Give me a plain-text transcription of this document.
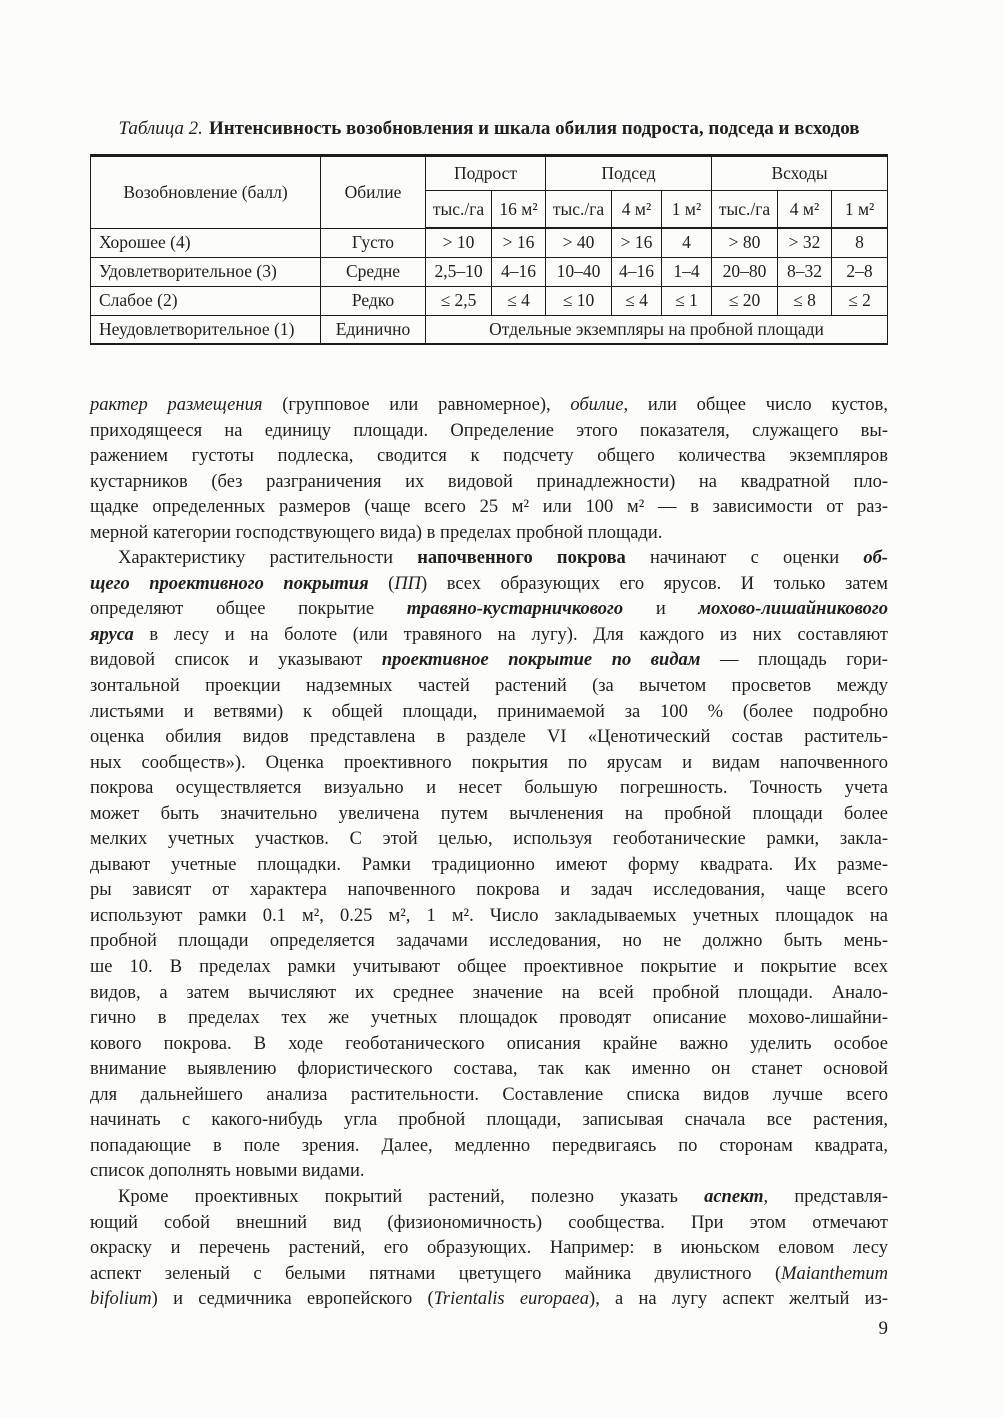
Таблица 2. Интенсивность возобновления и шкала обилия подроста, подседа и всходов
Возобновление (балл)	Обилие	Подрост		Подсед			Всходы		
		тыс./га	16 м²	тыс./га	4 м²	1 м²	тыс./га	4 м²	1 м²
Хорошее (4)	Густо	> 10	> 16	> 40	> 16	4	> 80	> 32	8
Удовлетворительное (3)	Средне	2,5–10	4–16	10–40	4–16	1–4	20–80	8–32	2–8
Слабое (2)	Редко	≤ 2,5	≤ 4	≤ 10	≤ 4	≤ 1	≤ 20	≤ 8	≤ 2
Неудовлетворительное (1)	Единично	Отдельные экземпляры на пробной площади							
рактер размещения (групповое или равномерное), обилие, или общее число кустов,
приходящееся на единицу площади. Определение этого показателя, служащего вы-
ражением густоты подлеска, сводится к подсчету общего количества экземпляров
кустарников (без разграничения их видовой принадлежности) на квадратной пло-
щадке определенных размеров (чаще всего 25 м² или 100 м² — в зависимости от раз-
мерной категории господствующего вида) в пределах пробной площади.
Характеристику растительности напочвенного покрова начинают с оценки об-
щего проективного покрытия (ПП) всех образующих его ярусов. И только затем
определяют общее покрытие травяно-кустарничкового и мохово-лишайникового
яруса в лесу и на болоте (или травяного на лугу). Для каждого из них составляют
видовой список и указывают проективное покрытие по видам — площадь гори-
зонтальной проекции надземных частей растений (за вычетом просветов между
листьями и ветвями) к общей площади, принимаемой за 100 % (более подробно
оценка обилия видов представлена в разделе VI «Ценотический состав раститель-
ных сообществ»). Оценка проективного покрытия по ярусам и видам напочвенного
покрова осуществляется визуально и несет большую погрешность. Точность учета
может быть значительно увеличена путем вычленения на пробной площади более
мелких учетных участков. С этой целью, используя геоботанические рамки, закла-
дывают учетные площадки. Рамки традиционно имеют форму квадрата. Их разме-
ры зависят от характера напочвенного покрова и задач исследования, чаще всего
используют рамки 0.1 м², 0.25 м², 1 м². Число закладываемых учетных площадок на
пробной площади определяется задачами исследования, но не должно быть мень-
ше 10. В пределах рамки учитывают общее проективное покрытие и покрытие всех
видов, а затем вычисляют их среднее значение на всей пробной площади. Анало-
гично в пределах тех же учетных площадок проводят описание мохово-лишайни-
кового покрова. В ходе геоботанического описания крайне важно уделить особое
внимание выявлению флористического состава, так как именно он станет основой
для дальнейшего анализа растительности. Составление списка видов лучше всего
начинать с какого-нибудь угла пробной площади, записывая сначала все растения,
попадающие в поле зрения. Далее, медленно передвигаясь по сторонам квадрата,
список дополнять новыми видами.
Кроме проективных покрытий растений, полезно указать аспект, представля-
ющий собой внешний вид (физиономичность) сообщества. При этом отмечают
окраску и перечень растений, его образующих. Например: в июньском еловом лесу
аспект зеленый с белыми пятнами цветущего майника двулистного (Maianthemum
bifolium) и седмичника европейского (Trientalis europaea), а на лугу аспект желтый из-
9
